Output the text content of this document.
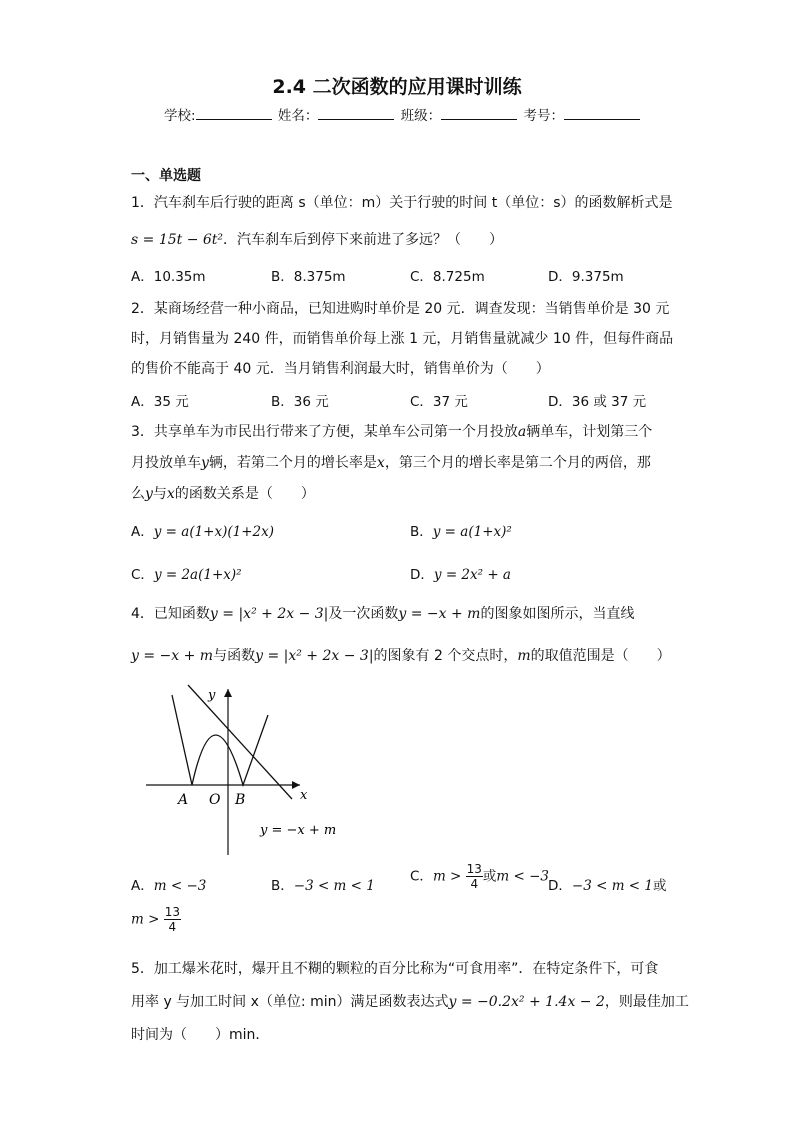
2.4 二次函数的应用课时训练
学校:	姓名：	班级：	考号：
一、单选题
1．汽车刹车后行驶的距离 s（单位：m）关于行驶的时间 t（单位：s）的函数解析式是
s = 15t − 6t²．汽车刹车后到停下来前进了多远？（　　）
A．10.35m	B．8.375m	C．8.725m	D．9.375m
2．某商场经营一种小商品，已知进购时单价是 20 元．调查发现：当销售单价是 30 元
时，月销售量为 240 件，而销售单价每上涨 1 元，月销售量就减少 10 件，但每件商品
的售价不能高于 40 元．当月销售利润最大时，销售单价为（　　）
A．35 元	B．36 元	C．37 元	D．36 或 37 元
3．共享单车为市民出行带来了方便，某单车公司第一个月投放a辆单车，计划第三个
月投放单车y辆，若第二个月的增长率是x，第三个月的增长率是第二个月的两倍，那
么y与x的函数关系是（　　）
A．y = a(1+x)(1+2x)	B．y = a(1+x)²
C．y = 2a(1+x)²	D．y = 2x² + a
4．已知函数y = |x² + 2x − 3|及一次函数y = −x + m的图象如图所示，当直线
y = −x + m与函数y = |x² + 2x − 3|的图象有 2 个交点时，m的取值范围是（　　）
y
x
A O B
y = −x + m
A．m < −3	B．−3 < m < 1
C．$m > \frac{13}{4}$ 或m < −3
D．−3 < m < 1或
$m > \frac{13}{4}$
5．加工爆米花时，爆开且不糊的颗粒的百分比称为“可食用率”．在特定条件下，可食
用率 y 与加工时间 x（单位: min）满足函数表达式y = −0.2x² + 1.4x − 2，则最佳加工
时间为（　　）min．
